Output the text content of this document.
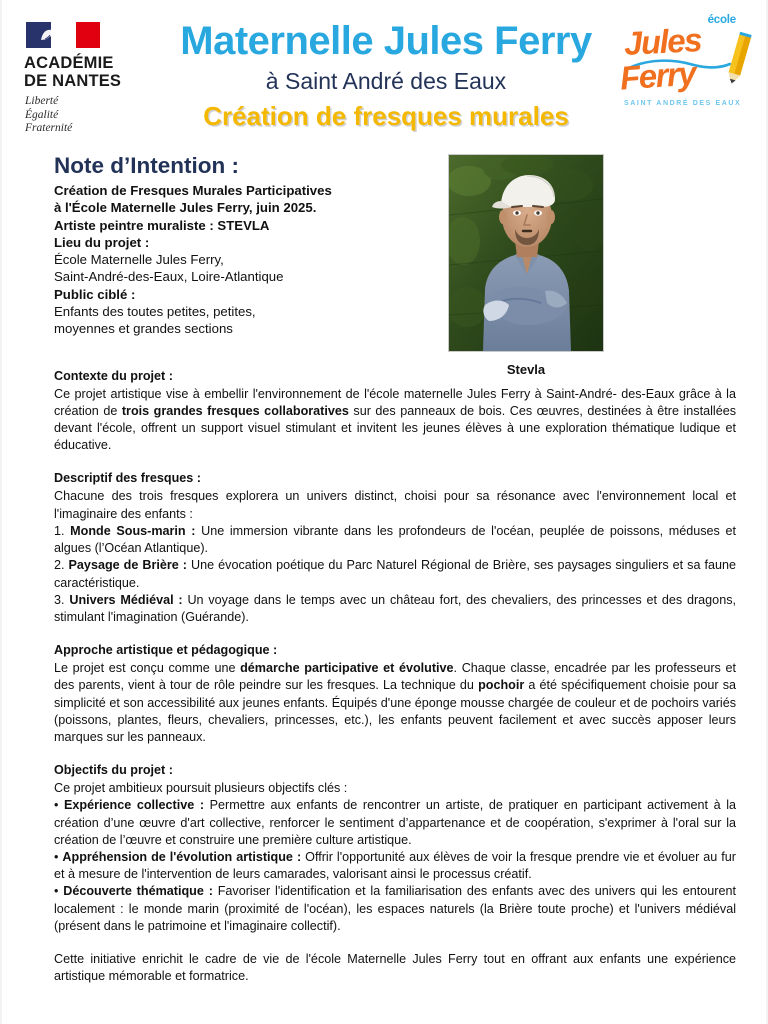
ACADÉMIE
DE NANTES
Liberté
Égalité
Fraternité
Maternelle Jules Ferry
à Saint André des Eaux
Création de fresques murales
école
Jules
Ferry
SAINT ANDRÉ DES EAUX
Note d’Intention :
Création de Fresques Murales Participatives
à l'École Maternelle Jules Ferry, juin 2025.
Artiste peintre muraliste : STEVLA
Lieu du projet :
École Maternelle Jules Ferry,
Saint-André-des-Eaux, Loire-Atlantique
Public ciblé :
Enfants des toutes petites, petites,
moyennes et grandes sections
Stevla
Contexte du projet :

Ce projet artistique vise à embellir l'environnement de l'école maternelle Jules Ferry à Saint-André- des-Eaux grâce à la création de trois grandes fresques collaboratives sur des panneaux de bois. Ces œuvres, destinées à être installées devant l'école, offrent un support visuel stimulant et invitent les jeunes élèves à une exploration thématique ludique et éducative.

Descriptif des fresques :

Chacune des trois fresques explorera un univers distinct, choisi pour sa résonance avec l'environnement local et l'imaginaire des enfants :

1. Monde Sous-marin : Une immersion vibrante dans les profondeurs de l'océan, peuplée de poissons, méduses et algues (l’Océan Atlantique).

2. Paysage de Brière : Une évocation poétique du Parc Naturel Régional de Brière, ses paysages singuliers et sa faune caractéristique.

3. Univers Médiéval : Un voyage dans le temps avec un château fort, des chevaliers, des princesses et des dragons, stimulant l'imagination (Guérande).

Approche artistique et pédagogique :

Le projet est conçu comme une démarche participative et évolutive. Chaque classe, encadrée par les professeurs et des parents, vient à tour de rôle peindre sur les fresques. La technique du pochoir a été spécifiquement choisie pour sa simplicité et son accessibilité aux jeunes enfants. Équipés d'une éponge mousse chargée de couleur et de pochoirs variés (poissons, plantes, fleurs, chevaliers, princesses, etc.), les enfants peuvent facilement et avec succès apposer leurs marques sur les panneaux.

Objectifs du projet :

Ce projet ambitieux poursuit plusieurs objectifs clés :

• Expérience collective : Permettre aux enfants de rencontrer un artiste, de pratiquer en participant activement à la création d’une œuvre d'art collective, renforcer le sentiment d’appartenance et de coopération, s'exprimer à l'oral sur la création de l’œuvre et construire une première culture artistique.

• Appréhension de l'évolution artistique : Offrir l'opportunité aux élèves de voir la fresque prendre vie et évoluer au fur et à mesure de l'intervention de leurs camarades, valorisant ainsi le processus créatif.

• Découverte thématique : Favoriser l'identification et la familiarisation des enfants avec des univers qui les entourent localement : le monde marin (proximité de l'océan), les espaces naturels (la Brière toute proche) et l'univers médiéval (présent dans le patrimoine et l'imaginaire collectif).

Cette initiative enrichit le cadre de vie de l'école Maternelle Jules Ferry tout en offrant aux enfants une expérience artistique mémorable et formatrice.
